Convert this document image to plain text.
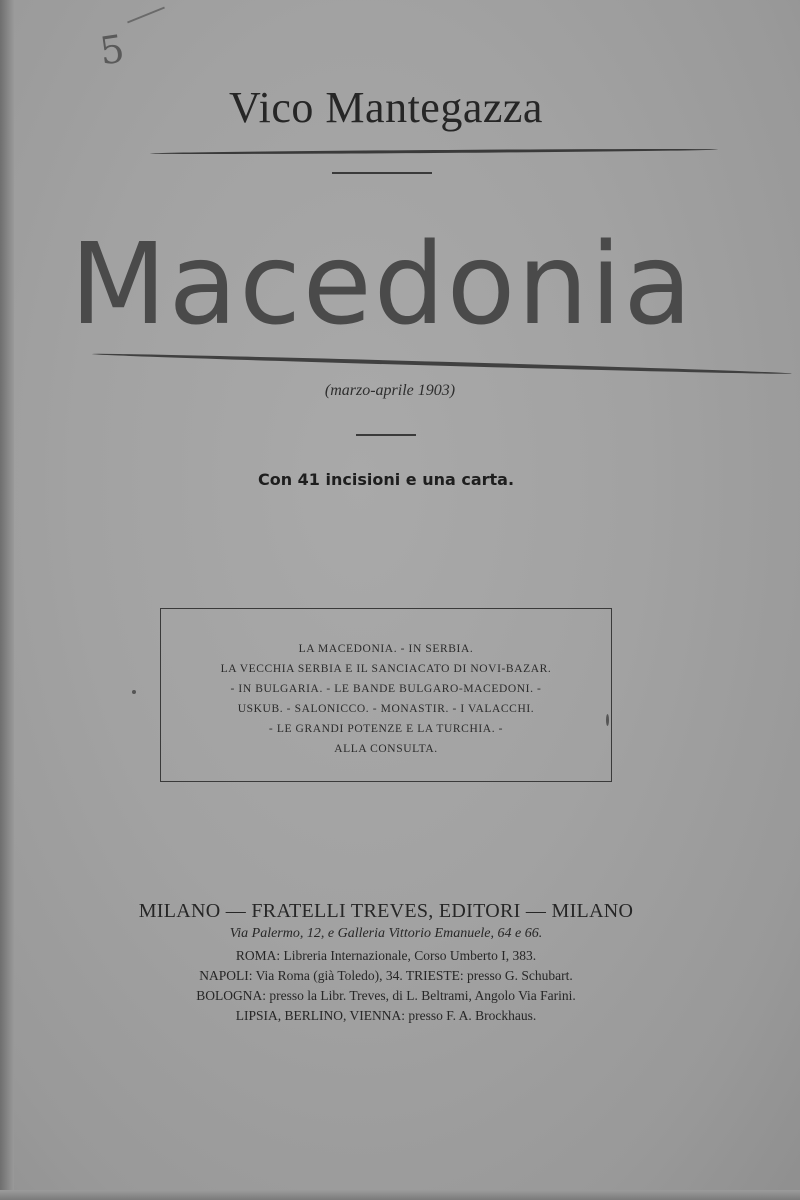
5
Vico Mantegazza
Macedonia
(marzo-aprile 1903)
Con 41 incisioni e una carta.
LA MACEDONIA. - IN SERBIA.
LA VECCHIA SERBIA E IL SANCIACATO DI NOVI-BAZAR.
- IN BULGARIA. - LE BANDE BULGARO-MACEDONI. -
USKUB. - SALONICCO. - MONASTIR. - I VALACCHI.
- LE GRANDI POTENZE E LA TURCHIA. -
ALLA CONSULTA.
MILANO — FRATELLI TREVES, EDITORI — MILANO
Via Palermo, 12, e Galleria Vittorio Emanuele, 64 e 66.
ROMA: Libreria Internazionale, Corso Umberto I, 383.
NAPOLI: Via Roma (già Toledo), 34. TRIESTE: presso G. Schubart.
BOLOGNA: presso la Libr. Treves, di L. Beltrami, Angolo Via Farini.
LIPSIA, BERLINO, VIENNA: presso F. A. Brockhaus.
